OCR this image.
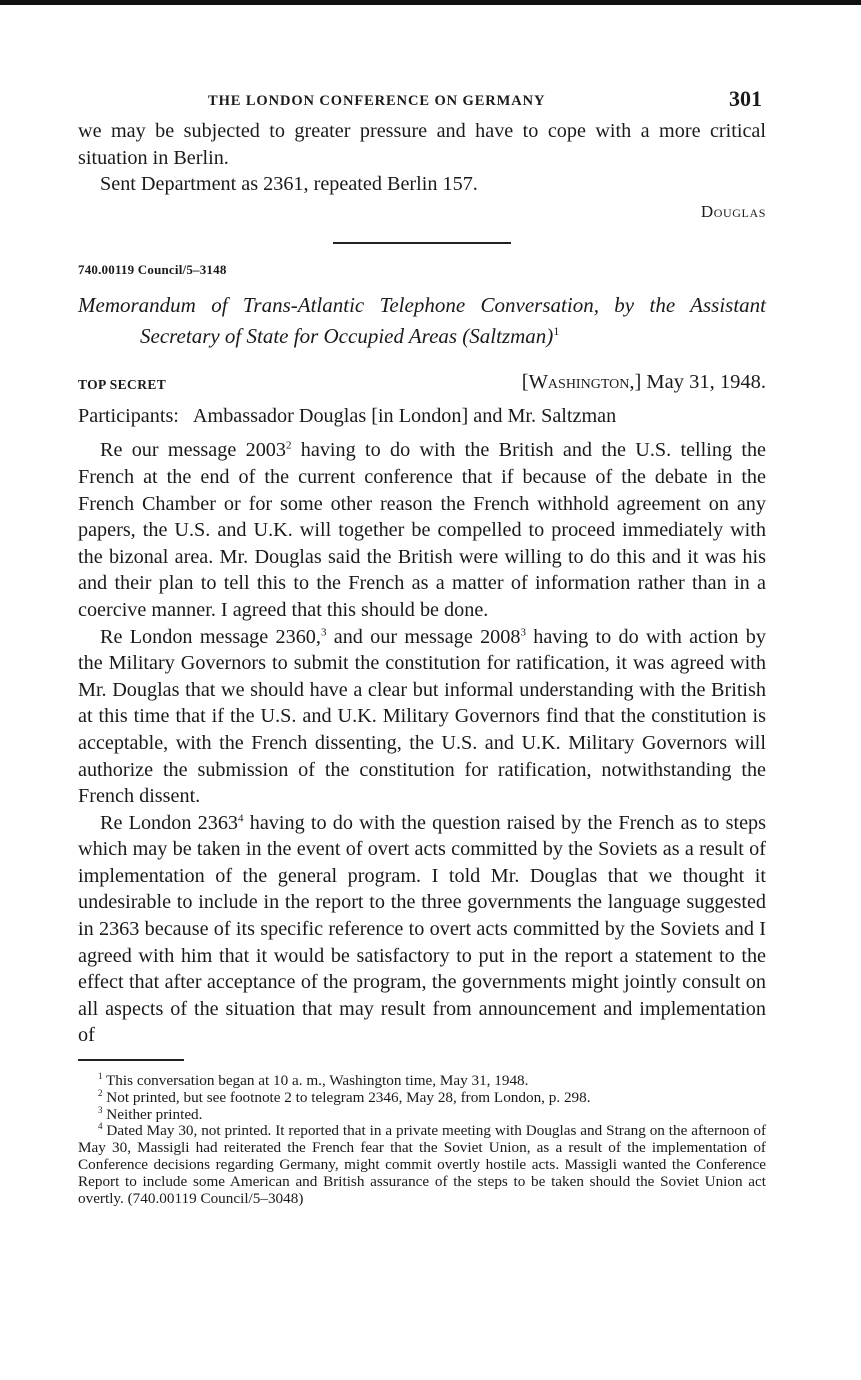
THE LONDON CONFERENCE ON GERMANY	301

we may be subjected to greater pressure and have to cope with a more critical situation in Berlin.

Sent Department as 2361, repeated Berlin 157.

Douglas
740.00119 Council/5–3148
Memorandum of Trans-Atlantic Telephone Conversation, by the Assistant Secretary of State for Occupied Areas (Saltzman)$^1$
TOP SECRET	[Washington,] May 31, 1948.
Participants: Ambassador Douglas [in London] and Mr. Saltzman

Re our message 2003$^2$ having to do with the British and the U.S. telling the French at the end of the current conference that if because of the debate in the French Chamber or for some other reason the French withhold agreement on any papers, the U.S. and U.K. will together be compelled to proceed immediately with the bizonal area. Mr. Douglas said the British were willing to do this and it was his and their plan to tell this to the French as a matter of information rather than in a coercive manner. I agreed that this should be done.

Re London message 2360,$^3$ and our message 2008$^3$ having to do with action by the Military Governors to submit the constitution for ratification, it was agreed with Mr. Douglas that we should have a clear but informal understanding with the British at this time that if the U.S. and U.K. Military Governors find that the constitution is acceptable, with the French dissenting, the U.S. and U.K. Military Governors will authorize the submission of the constitution for ratification, notwithstanding the French dissent.

Re London 2363$^4$ having to do with the question raised by the French as to steps which may be taken in the event of overt acts committed by the Soviets as a result of implementation of the general program. I told Mr. Douglas that we thought it undesirable to include in the report to the three governments the language suggested in 2363 because of its specific reference to overt acts committed by the Soviets and I agreed with him that it would be satisfactory to put in the report a statement to the effect that after acceptance of the program, the governments might jointly consult on all aspects of the situation that may result from announcement and implementation of

$^1$ This conversation began at 10 a. m., Washington time, May 31, 1948.

$^2$ Not printed, but see footnote 2 to telegram 2346, May 28, from London, p. 298.

$^3$ Neither printed.

$^4$ Dated May 30, not printed. It reported that in a private meeting with Douglas and Strang on the afternoon of May 30, Massigli had reiterated the French fear that the Soviet Union, as a result of the implementation of Conference decisions regarding Germany, might commit overtly hostile acts. Massigli wanted the Conference Report to include some American and British assurance of the steps to be taken should the Soviet Union act overtly. (740.00119 Council/5–3048)
